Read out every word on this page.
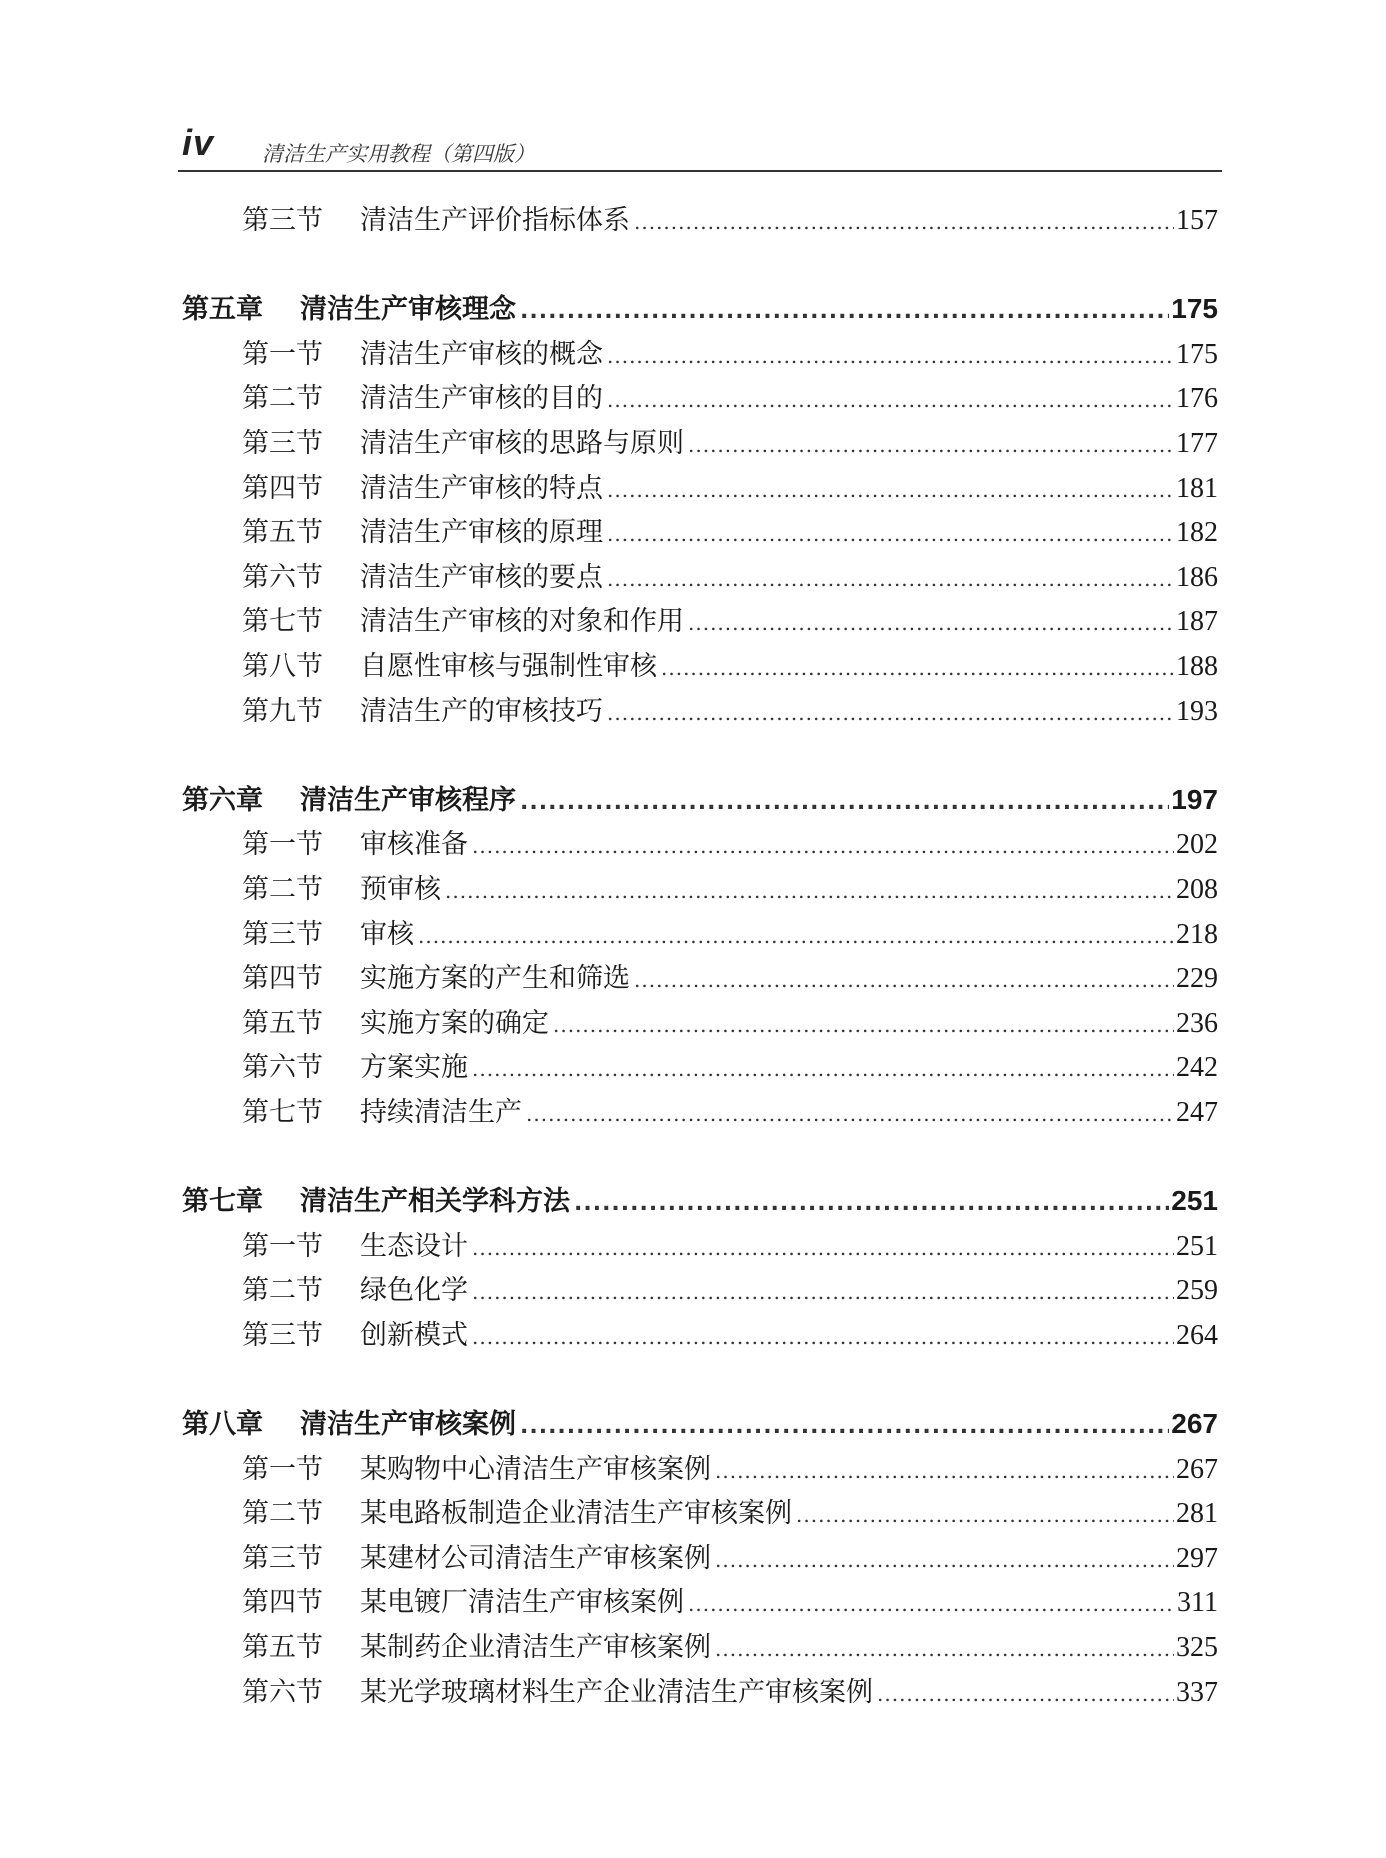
iv 清洁生产实用教程（第四版）
第三节	清洁生产评价指标体系 .....	157
第五章	清洁生产审核理念 .....	175
第一节	清洁生产审核的概念 .....	175
第二节	清洁生产审核的目的 .....	176
第三节	清洁生产审核的思路与原则 .....	177
第四节	清洁生产审核的特点 .....	181
第五节	清洁生产审核的原理 .....	182
第六节	清洁生产审核的要点 .....	186
第七节	清洁生产审核的对象和作用 .....	187
第八节	自愿性审核与强制性审核 .....	188
第九节	清洁生产的审核技巧 .....	193
第六章	清洁生产审核程序 .....	197
第一节	审核准备 .....	202
第二节	预审核 .....	208
第三节	审核 .....	218
第四节	实施方案的产生和筛选 .....	229
第五节	实施方案的确定 .....	236
第六节	方案实施 .....	242
第七节	持续清洁生产 .....	247
第七章	清洁生产相关学科方法 .....	251
第一节	生态设计 .....	251
第二节	绿色化学 .....	259
第三节	创新模式 .....	264
第八章	清洁生产审核案例 .....	267
第一节	某购物中心清洁生产审核案例 .....	267
第二节	某电路板制造企业清洁生产审核案例 .....	281
第三节	某建材公司清洁生产审核案例 .....	297
第四节	某电镀厂清洁生产审核案例 .....	311
第五节	某制药企业清洁生产审核案例 .....	325
第六节	某光学玻璃材料生产企业清洁生产审核案例 .....	337
